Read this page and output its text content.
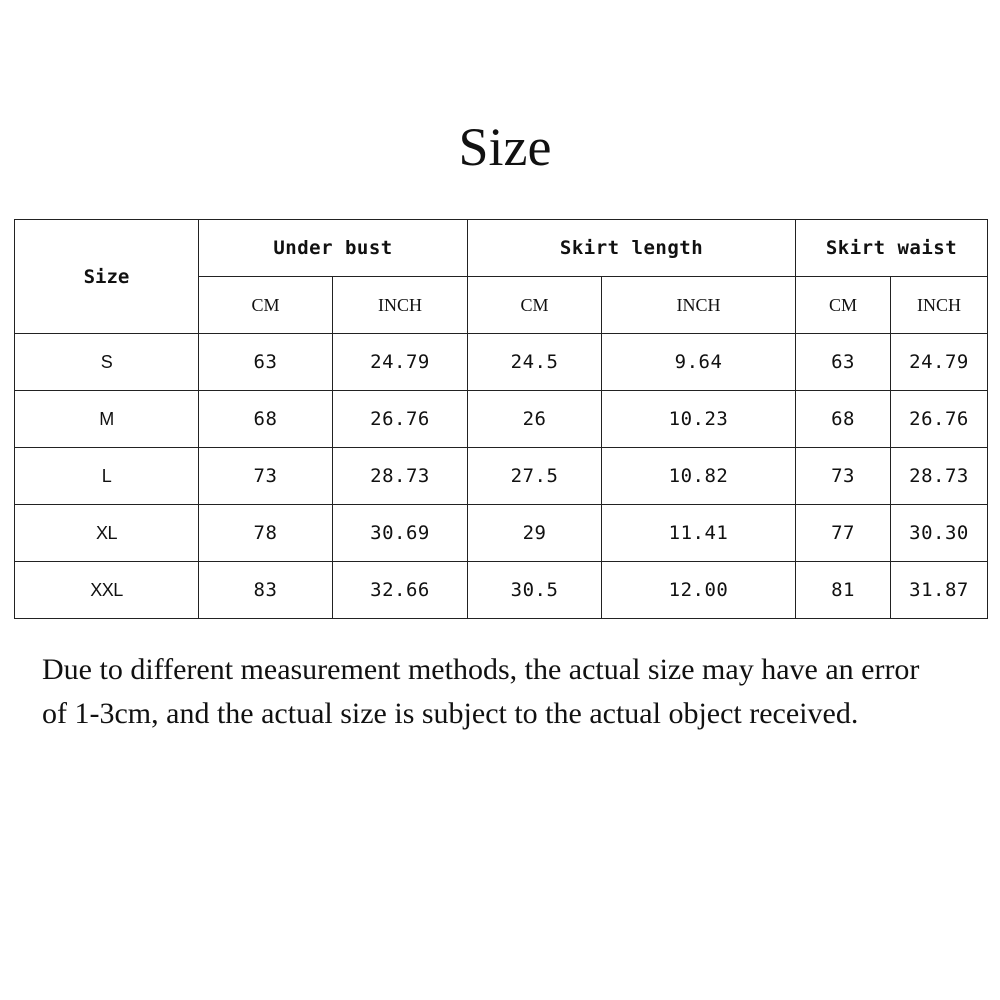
Size
Size	Under bust		Skirt length		Skirt waist	
	CM	INCH	CM	INCH	CM	INCH
S	63	24.79	24.5	9.64	63	24.79
M	68	26.76	26	10.23	68	26.76
L	73	28.73	27.5	10.82	73	28.73
XL	78	30.69	29	11.41	77	30.30
XXL	83	32.66	30.5	12.00	81	31.87
Due to different measurement methods, the actual size may have an error of 1-3cm, and the actual size is subject to the actual object received.
